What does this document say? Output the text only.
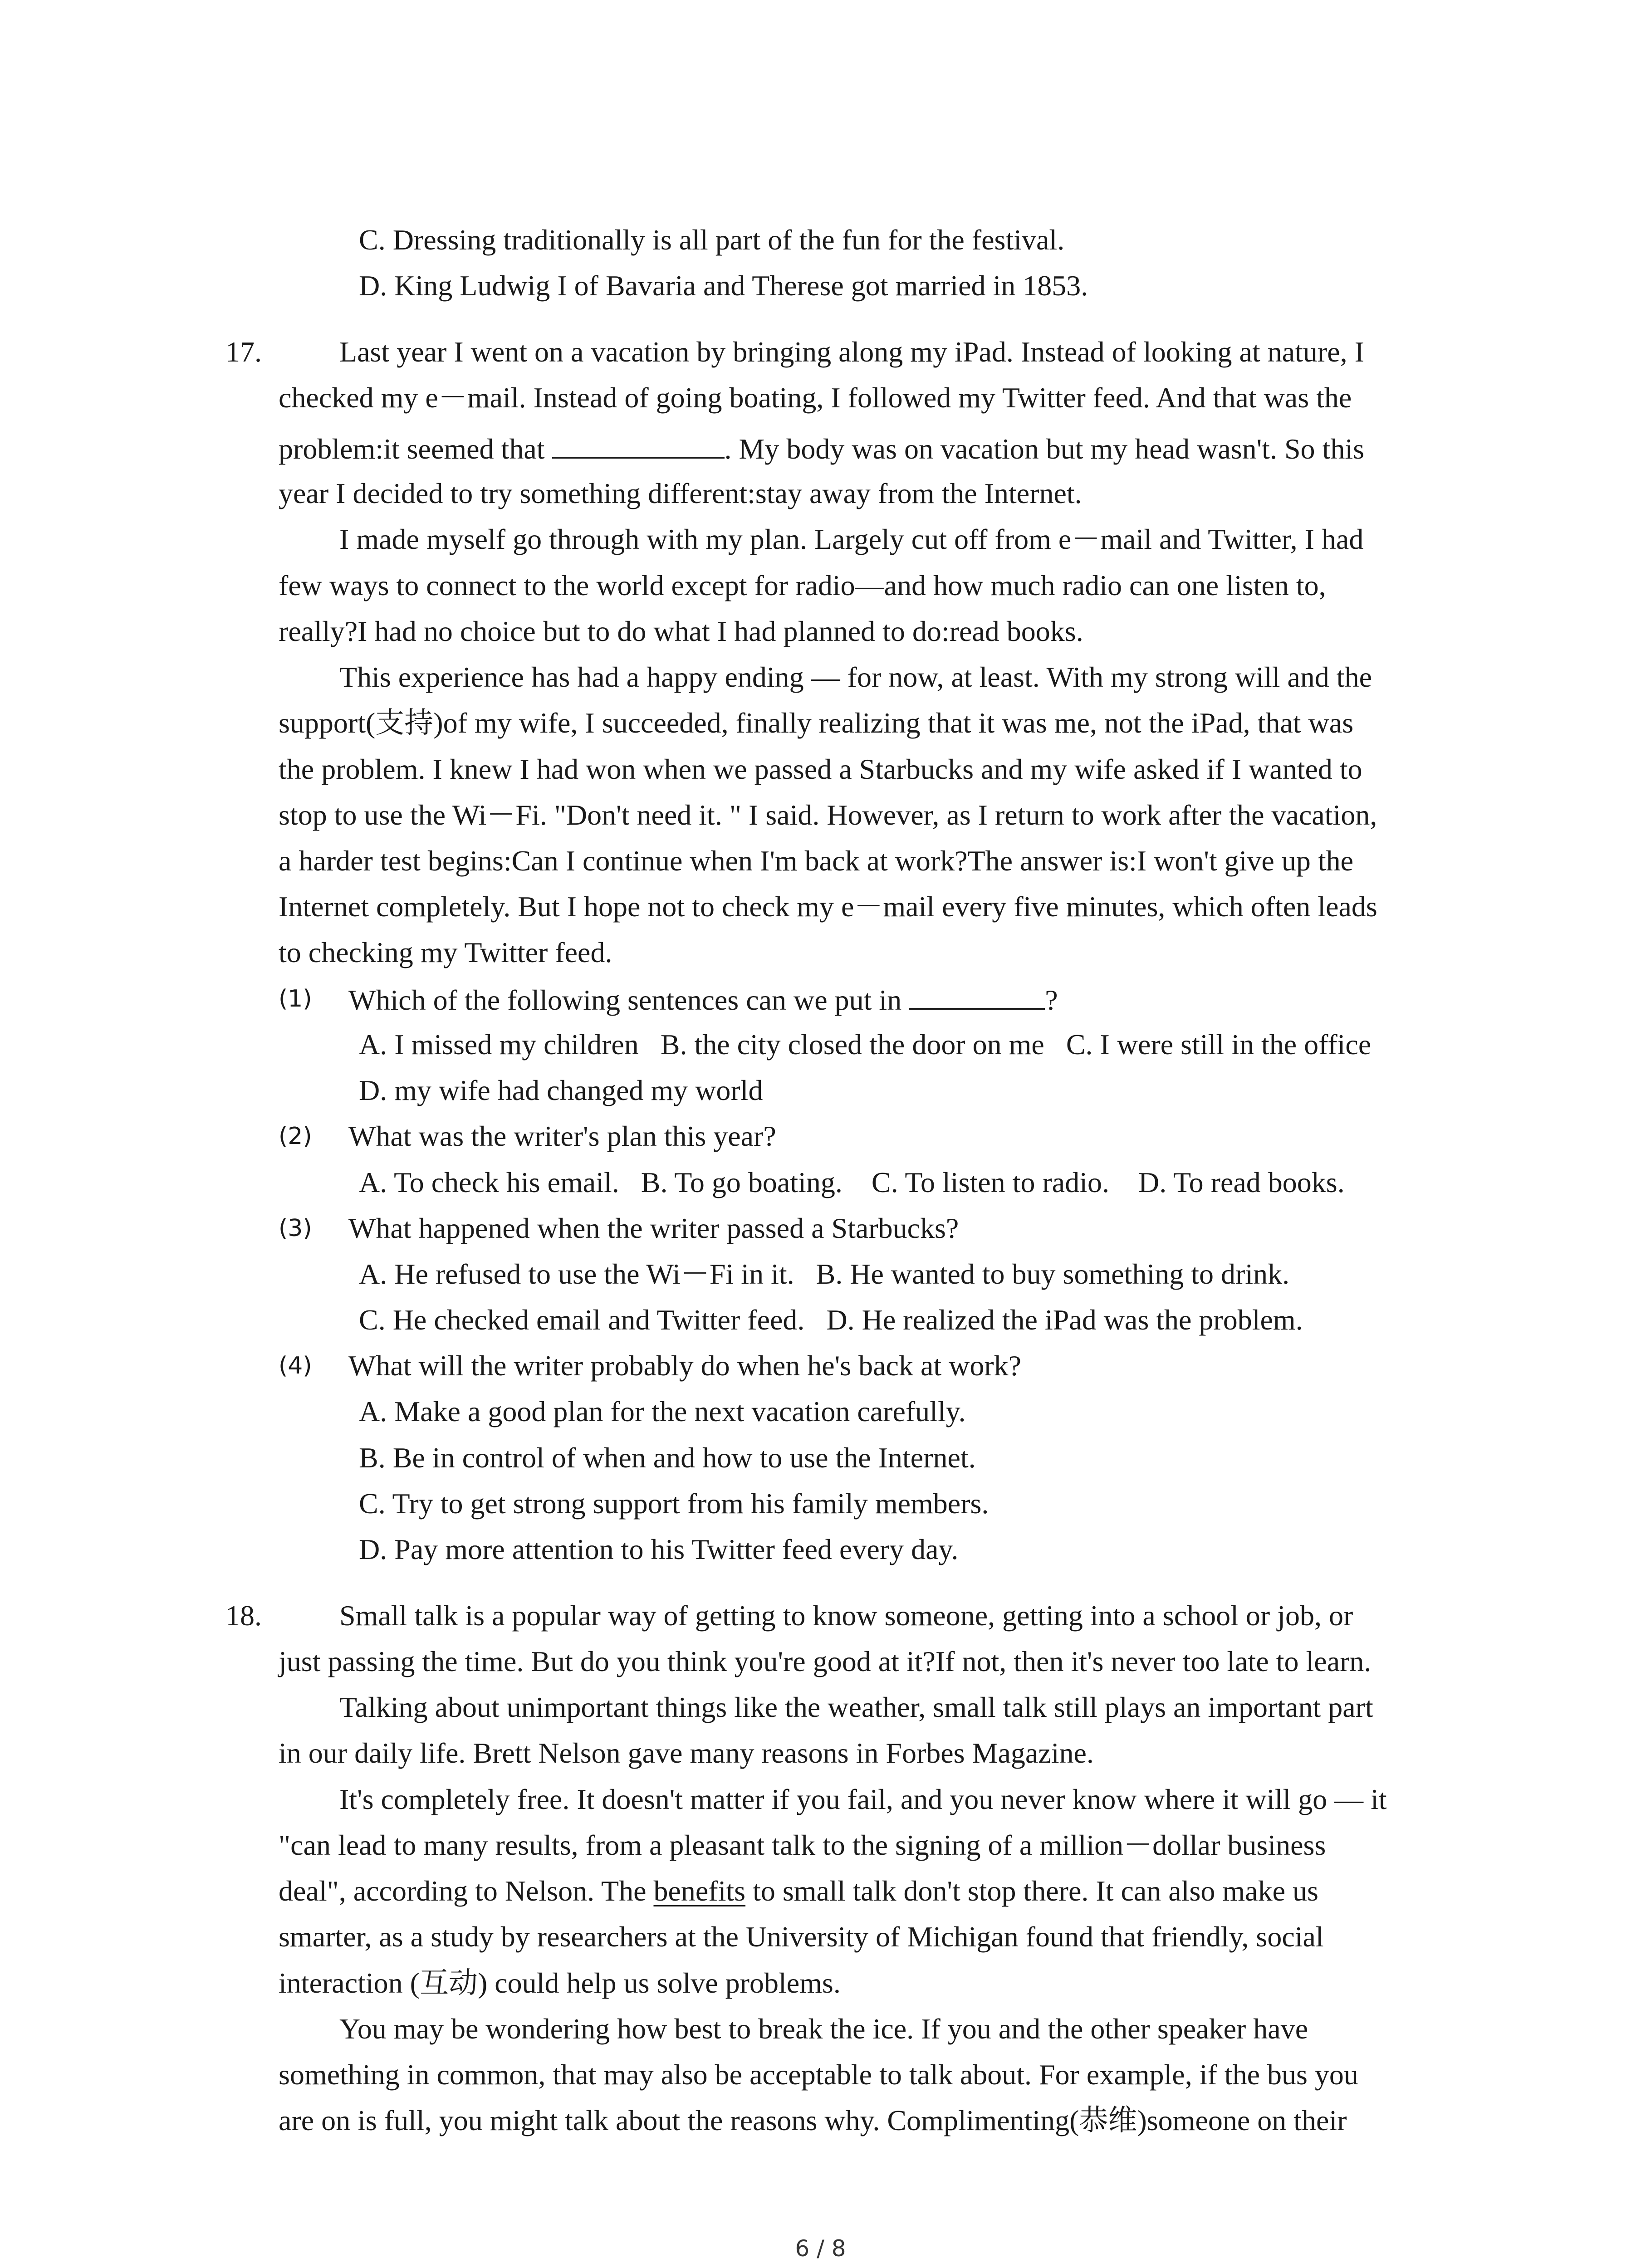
C. Dressing traditionally is all part of the fun for the festival.
D. King Ludwig I of Bavaria and Therese got married in 1853.
17.	Last year I went on a vacation by bringing along my iPad. Instead of looking at nature, I
checked my e－mail. Instead of going boating, I followed my Twitter feed. And that was the
problem:it seemed that	. My body was on vacation but my head wasn't. So this
year I decided to try something different:stay away from the Internet.
I made myself go through with my plan. Largely cut off from e－mail and Twitter, I had
few ways to connect to the world except for radio—and how much radio can one listen to,
really?I had no choice but to do what I had planned to do:read books.
This experience has had a happy ending — for now, at least. With my strong will and the
support(支持)of my wife, I succeeded, finally realizing that it was me, not the iPad, that was
the problem. I knew I had won when we passed a Starbucks and my wife asked if I wanted to
stop to use the Wi－Fi. "Don't need it. " I said. However, as I return to work after the vacation,
a harder test begins:Can I continue when I'm back at work?The answer is:I won't give up the
Internet completely. But I hope not to check my e－mail every five minutes, which often leads
to checking my Twitter feed.
(1) Which of the following sentences can we put in	?
A. I missed my children   B. the city closed the door on me   C. I were still in the office
D. my wife had changed my world
(2) What was the writer's plan this year?
A. To check his email.   B. To go boating.    C. To listen to radio.    D. To read books.
(3) What happened when the writer passed a Starbucks?
A. He refused to use the Wi－Fi in it.   B. He wanted to buy something to drink.
C. He checked email and Twitter feed.   D. He realized the iPad was the problem.
(4) What will the writer probably do when he's back at work?
A. Make a good plan for the next vacation carefully.
B. Be in control of when and how to use the Internet.
C. Try to get strong support from his family members.
D. Pay more attention to his Twitter feed every day.
18.	Small talk is a popular way of getting to know someone, getting into a school or job, or
just passing the time. But do you think you're good at it?If not, then it's never too late to learn.
Talking about unimportant things like the weather, small talk still plays an important part
in our daily life. Brett Nelson gave many reasons in Forbes Magazine.
It's completely free. It doesn't matter if you fail, and you never know where it will go — it
"can lead to many results, from a pleasant talk to the signing of a million－dollar business
deal", according to Nelson. The benefits to small talk don't stop there. It can also make us
smarter, as a study by researchers at the University of Michigan found that friendly, social
interaction (互动) could help us solve problems.
You may be wondering how best to break the ice. If you and the other speaker have
something in common, that may also be acceptable to talk about. For example, if the bus you
are on is full, you might talk about the reasons why. Complimenting(恭维)someone on their
6 / 8
